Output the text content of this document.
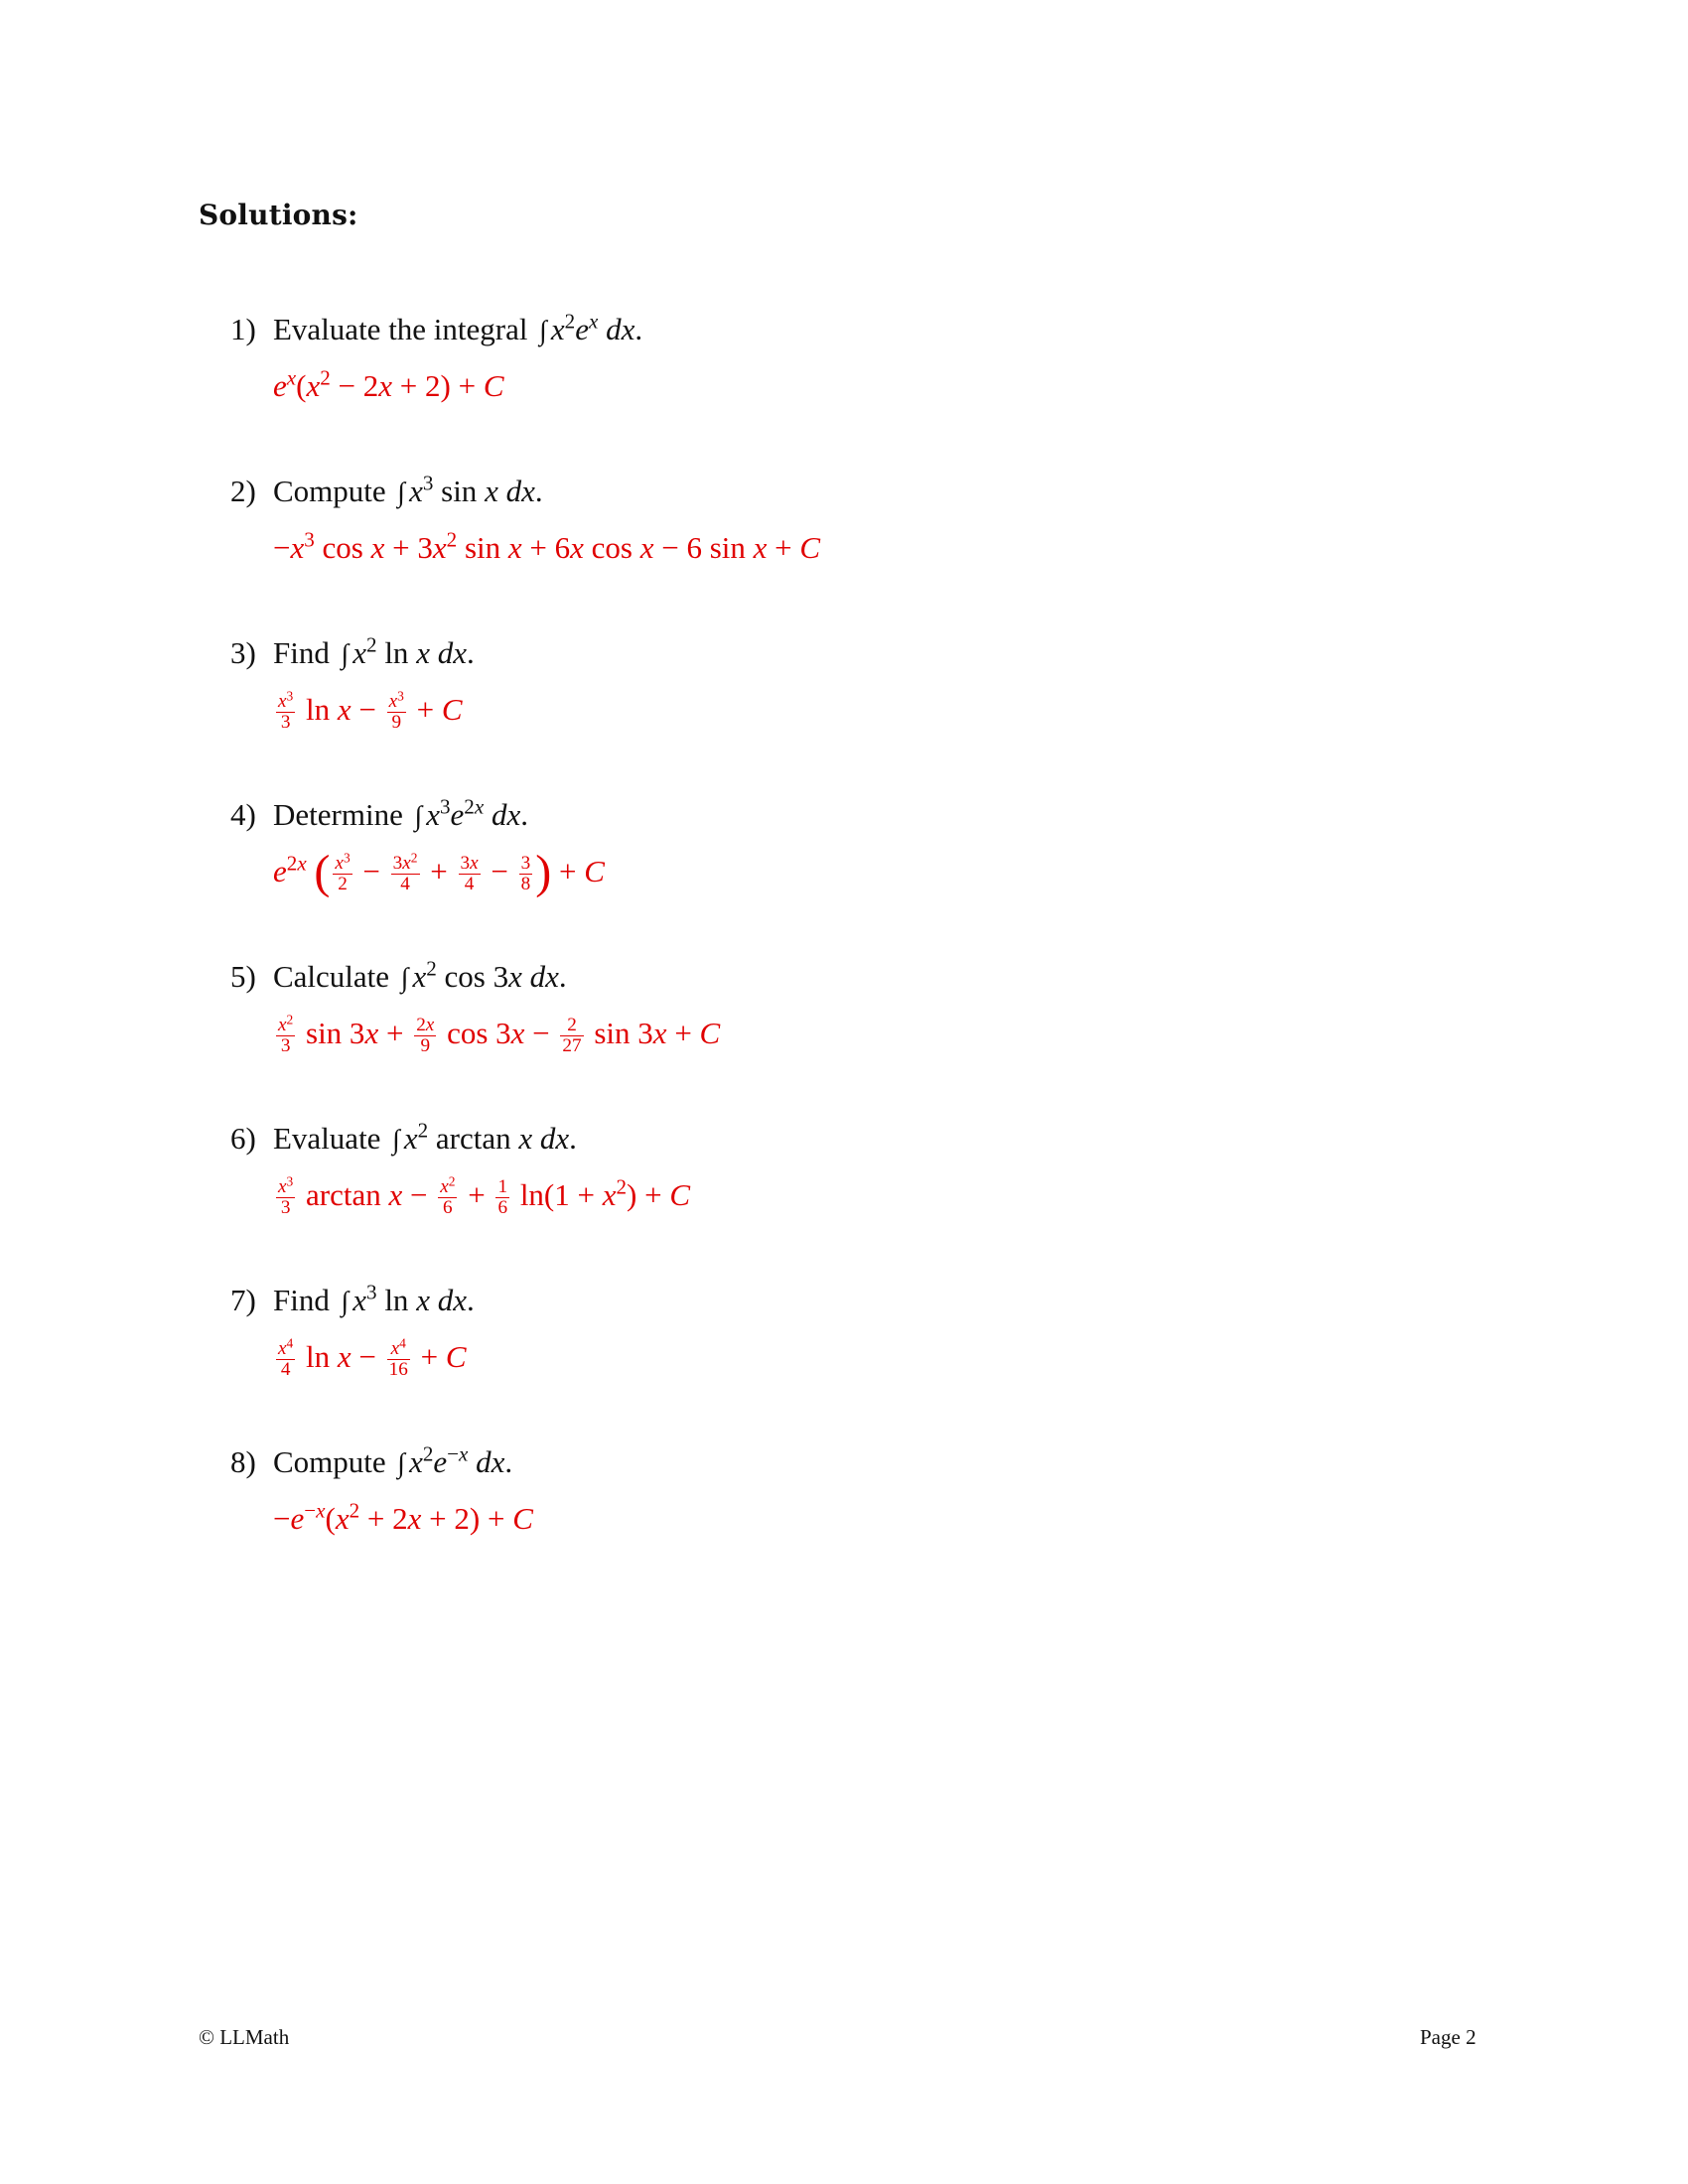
Solutions:
1) Evaluate the integral ∫ $x^2e^x$ dx.
$e^x(x^2 - 2x + 2) + C$
2) Compute ∫ $x^3$ sin x dx.
$-x^3$ $\cos x + 3x^2$ sin x + 6x cos x − 6 sin x + C
3) Find ∫ $x^2$ ln x dx.
$\frac{x^3}{3}$ $\ln x - \frac{x^3}{9} + C$
4) Determine ∫ $x^3e^{2x}$ dx.
$e^{2x}$ ( $\frac{x^3}{2} - \frac{3x^2}{4} + \frac{3x}{4} - \frac{3}{8}$ ) + C
5) Calculate ∫ $x^2$ cos 3x dx.
$\frac{x^2}{3}$ $\sin 3x + \frac{2x}{9}$ $\cos 3x - \frac{2}{27}$ sin 3x + C
6) Evaluate ∫ $x^2$ arctan x dx.
$\frac{x^3}{3}$ $\arctan x - \frac{x^2}{6} + \frac{1}{6} \ln(1 + x^2) + C$
7) Find ∫ $x^3$ ln x dx.
$\frac{x^4}{4}$ $\ln x - \frac{x^4}{16} + C$
8) Compute ∫ $x^2e^{-x}$ dx.
$-e^{-x}(x^2 + 2x + 2) + C$
© LLMath	Page 2
